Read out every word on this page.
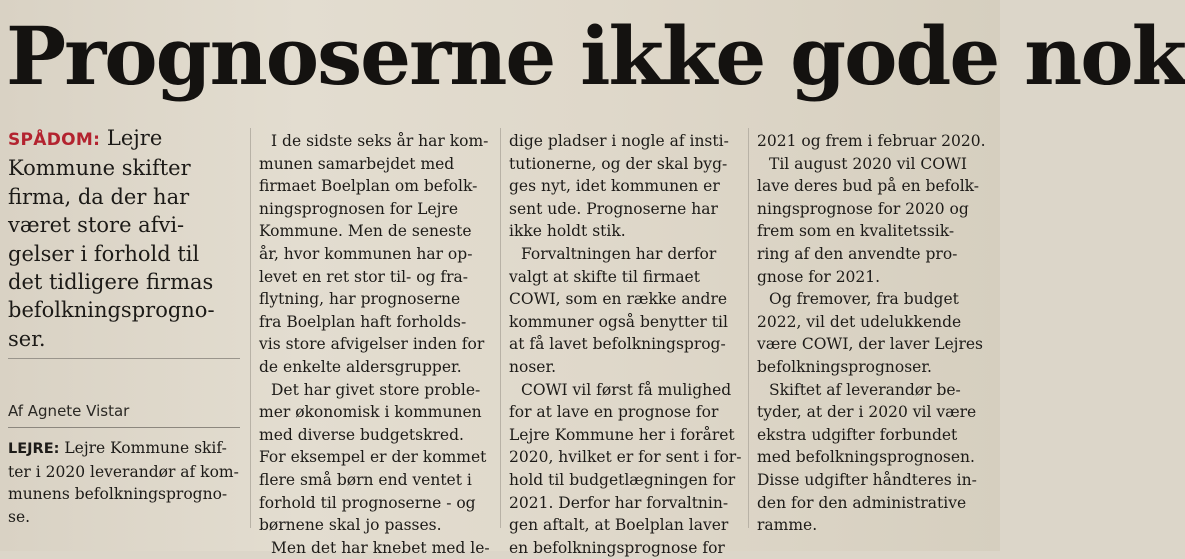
Prognoserne ikke gode nok
SPÅDOM: Lejre
Kommune skifter
firma, da der har
været store afvi-
gelser i forhold til
det tidligere firmas
befolkningsprogno-
ser.
Af Agnete Vistar
LEJRE: Lejre Kommune skif-
ter i 2020 leverandør af kom-
munens befolkningsprogno-
se.
I de sidste seks år har kom-
munen samarbejdet med
firmaet Boelplan om befolk-
ningsprognosen for Lejre
Kommune. Men de seneste
år, hvor kommunen har op-
levet en ret stor til- og fra-
flytning, har prognoserne
fra Boelplan haft forholds-
vis store afvigelser inden for
de enkelte aldersgrupper.
Det har givet store proble-
mer økonomisk i kommunen
med diverse budgetskred.
For eksempel er der kommet
flere små børn end ventet i
forhold til prognoserne - og
børnene skal jo passes.
Men det har knebet med le-
dige pladser i nogle af insti-
tutionerne, og der skal byg-
ges nyt, idet kommunen er
sent ude. Prognoserne har
ikke holdt stik.
Forvaltningen har derfor
valgt at skifte til firmaet
COWI, som en række andre
kommuner også benytter til
at få lavet befolkningsprog-
noser.
COWI vil først få mulighed
for at lave en prognose for
Lejre Kommune her i foråret
2020, hvilket er for sent i for-
hold til budgetlægningen for
2021. Derfor har forvaltnin-
gen aftalt, at Boelplan laver
en befolkningsprognose for
2021 og frem i februar 2020.
Til august 2020 vil COWI
lave deres bud på en befolk-
ningsprognose for 2020 og
frem som en kvalitetssik-
ring af den anvendte pro-
gnose for 2021.
Og fremover, fra budget
2022, vil det udelukkende
være COWI, der laver Lejres
befolkningsprognoser.
Skiftet af leverandør be-
tyder, at der i 2020 vil være
ekstra udgifter forbundet
med befolkningsprognosen.
Disse udgifter håndteres in-
den for den administrative
ramme.
